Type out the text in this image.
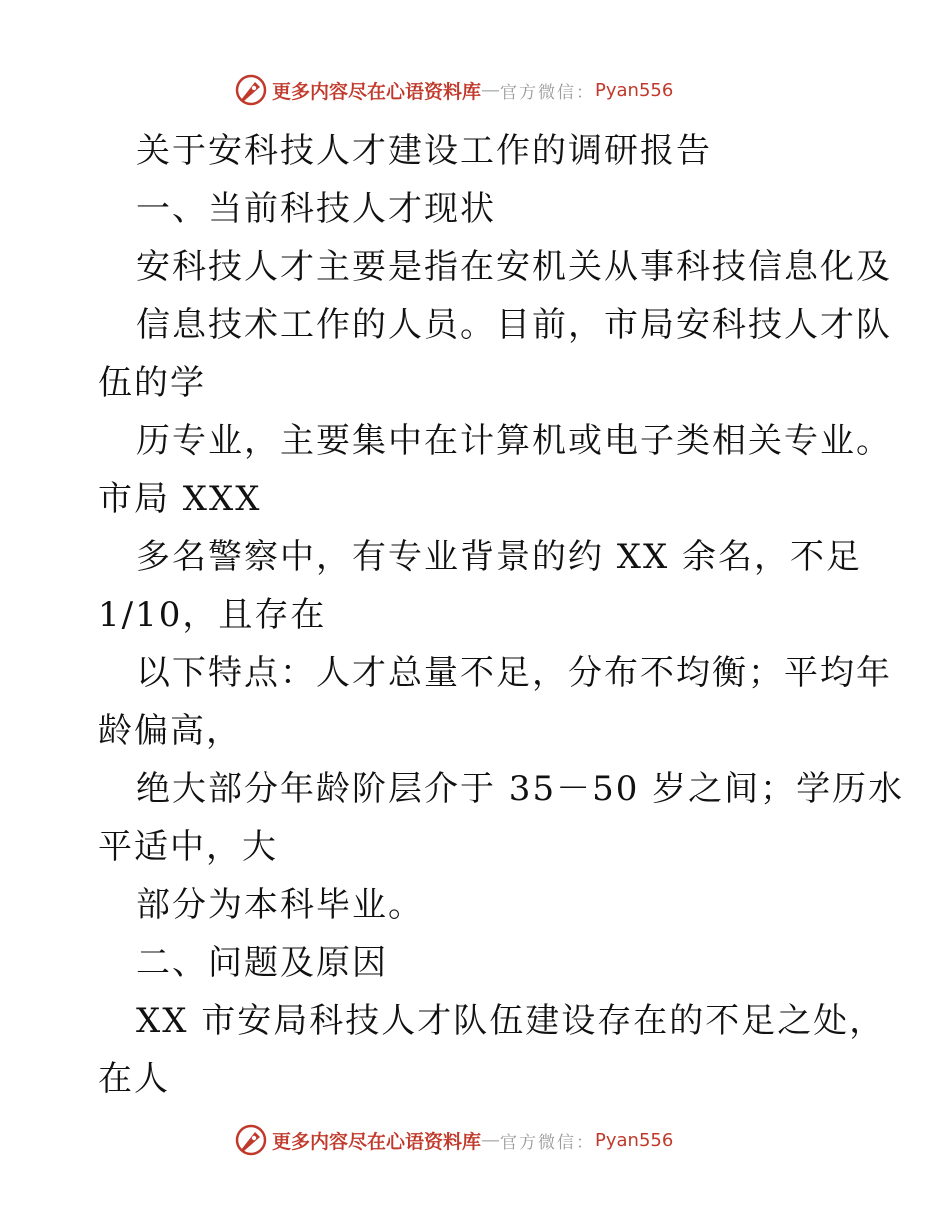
更多内容尽在心语资料库 — 官方微信： Pyan556
关于安科技人才建设工作的调研报告
一、当前科技人才现状
安科技人才主要是指在安机关从事科技信息化及
信息技术工作的人员。目前，市局安科技人才队
伍的学
历专业，主要集中在计算机或电子类相关专业。
市局 XXX
多名警察中，有专业背景的约 XX 余名，不足
1/10，且存在
以下特点：人才总量不足，分布不均衡；平均年
龄偏高，
绝大部分年龄阶层介于 35－50 岁之间；学历水
平适中，大
部分为本科毕业。
二、问题及原因
XX 市安局科技人才队伍建设存在的不足之处，
在人
更多内容尽在心语资料库 — 官方微信： Pyan556
